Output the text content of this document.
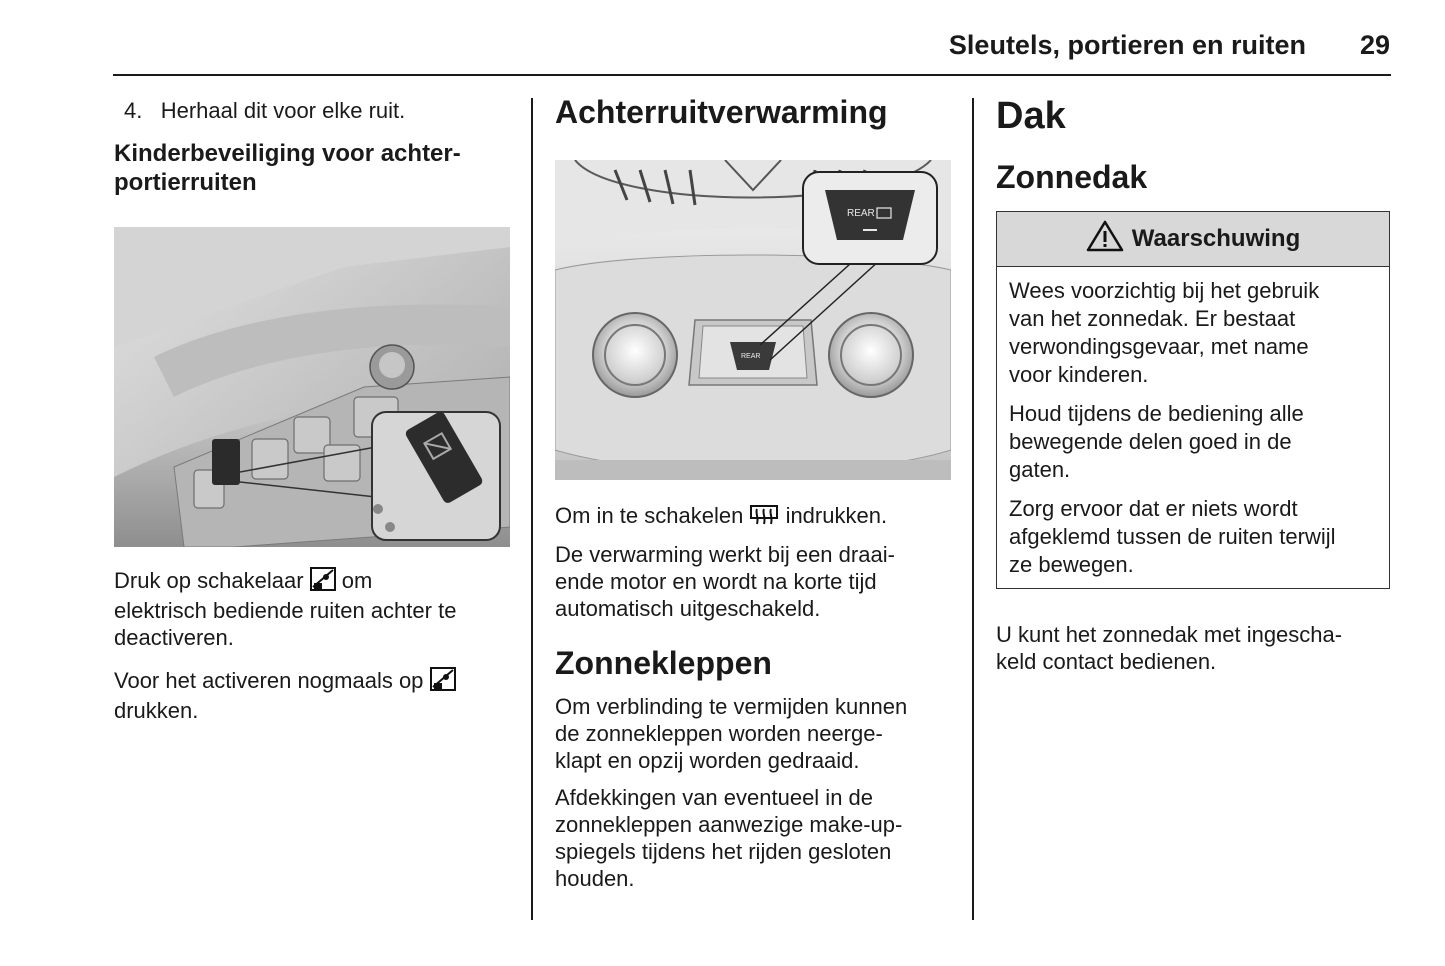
Sleutels, portieren en ruiten	29

4. Herhaal dit voor elke ruit.

Kinderbeveiliging voor achter-
portierruiten

Druk op schakelaar om
elektrisch bediende ruiten achter te
deactiveren.

Voor het activeren nogmaals op
drukken.

Achterruitverwarming
REAR
REAR

Om in te schakelen indrukken.

De verwarming werkt bij een draai-
ende motor en wordt na korte tijd
automatisch uitgeschakeld.

Zonnekleppen

Om verblinding te vermijden kunnen
de zonnekleppen worden neerge-
klapt en opzij worden gedraaid.

Afdekkingen van eventueel in de
zonnekleppen aanwezige make-up-
spiegels tijdens het rijden gesloten
houden.

Dak
Zonnedak
Waarschuwing

Wees voorzichtig bij het gebruik
van het zonnedak. Er bestaat
verwondingsgevaar, met name
voor kinderen.

Houd tijdens de bediening alle
bewegende delen goed in de
gaten.

Zorg ervoor dat er niets wordt
afgeklemd tussen de ruiten terwijl
ze bewegen.

U kunt het zonnedak met ingescha-
keld contact bedienen.
